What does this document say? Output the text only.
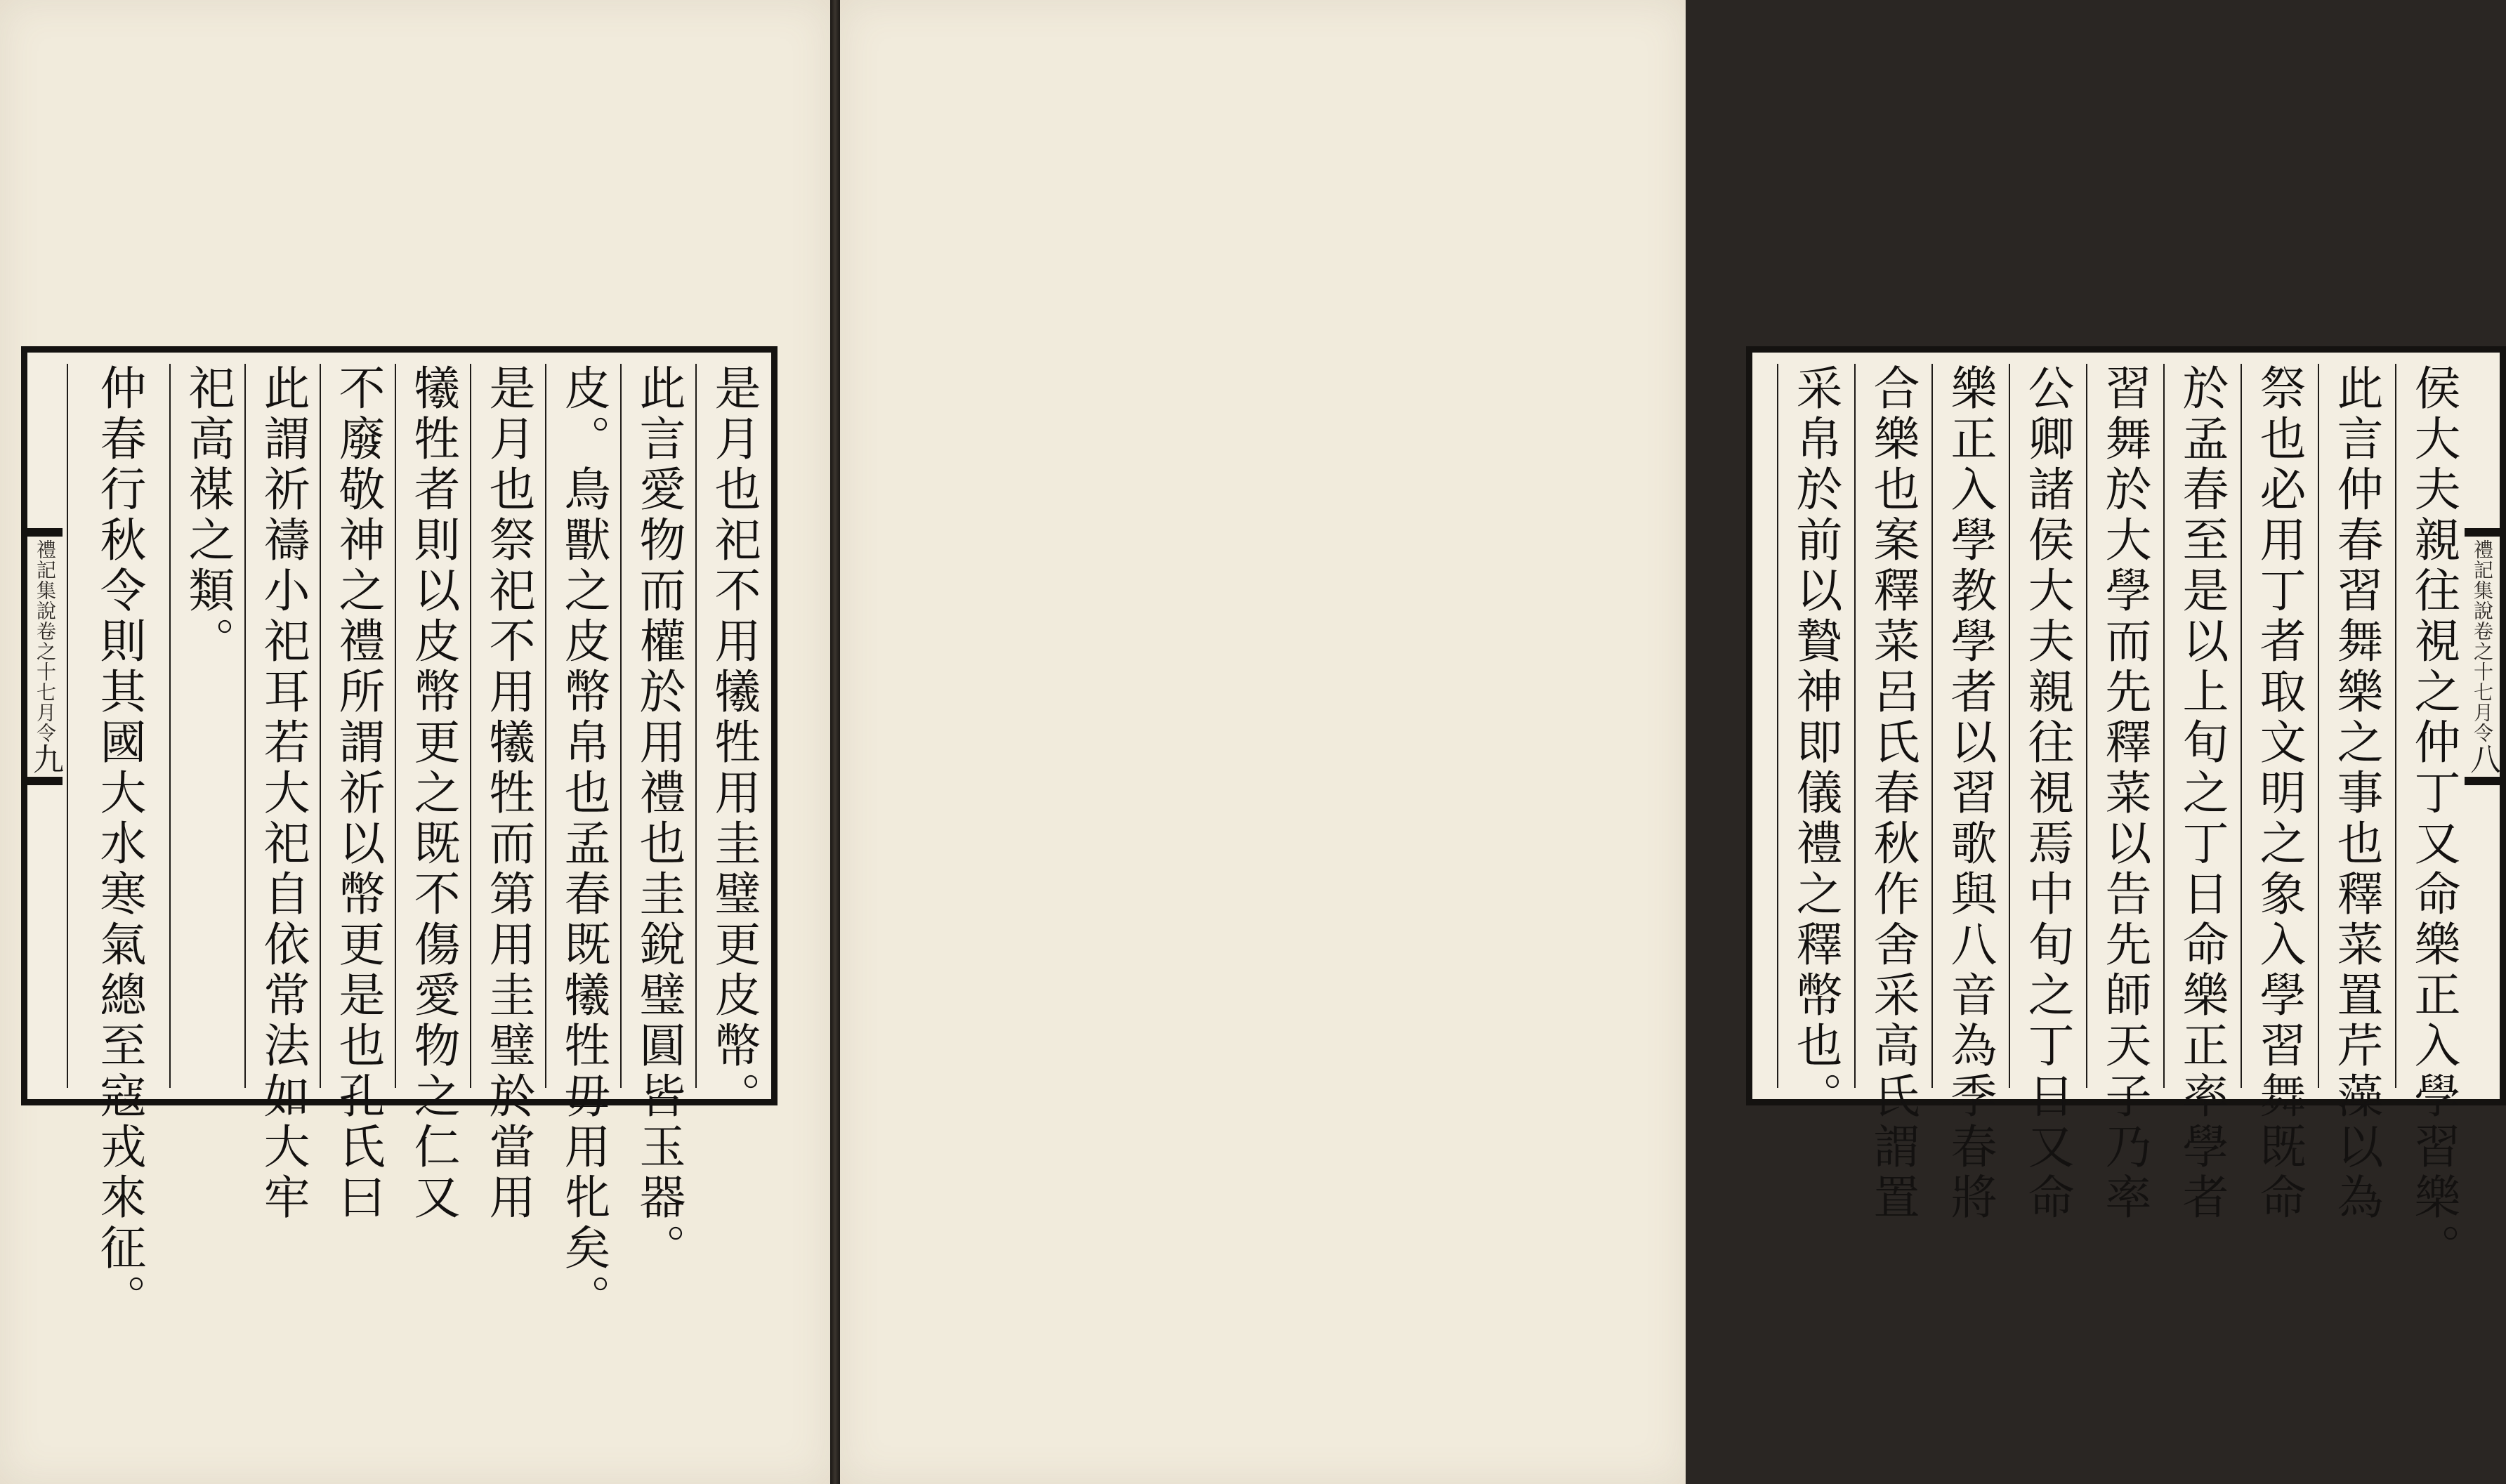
禮記集說卷之十七月令
九	是月也祀不用犧牲用圭璧更皮幣。
此言愛物而權於用禮也圭銳璧圓皆玉器。
皮。鳥獸之皮幣帛也孟春既犧牲毋用牝矣。
是月也祭祀不用犧牲而第用圭璧於當用
犧牲者則以皮幣更之既不傷愛物之仁又
不廢敬神之禮所謂祈以幣更是也孔氏曰
此謂祈禱小祀耳若大祀自依常法如大牢
祀高禖之類。
仲春行秋令則其國大水寒氣總至寇戎來征。	禮記集說卷之十七月令
八
侯大夫親往視之仲丁又命樂正入學習樂。
此言仲春習舞樂之事也釋菜置芹藻以為
祭也必用丁者取文明之象入學習舞既命
於孟春至是以上旬之丁日命樂正率學者
習舞於大學而先釋菜以告先師天子乃率
公卿諸侯大夫親往視焉中旬之丁日又命
樂正入學教學者以習歌與八音為季春將
合樂也案釋菜呂氏春秋作舍采高氏謂置
采帛於前以贄神即儀禮之釋幣也。
